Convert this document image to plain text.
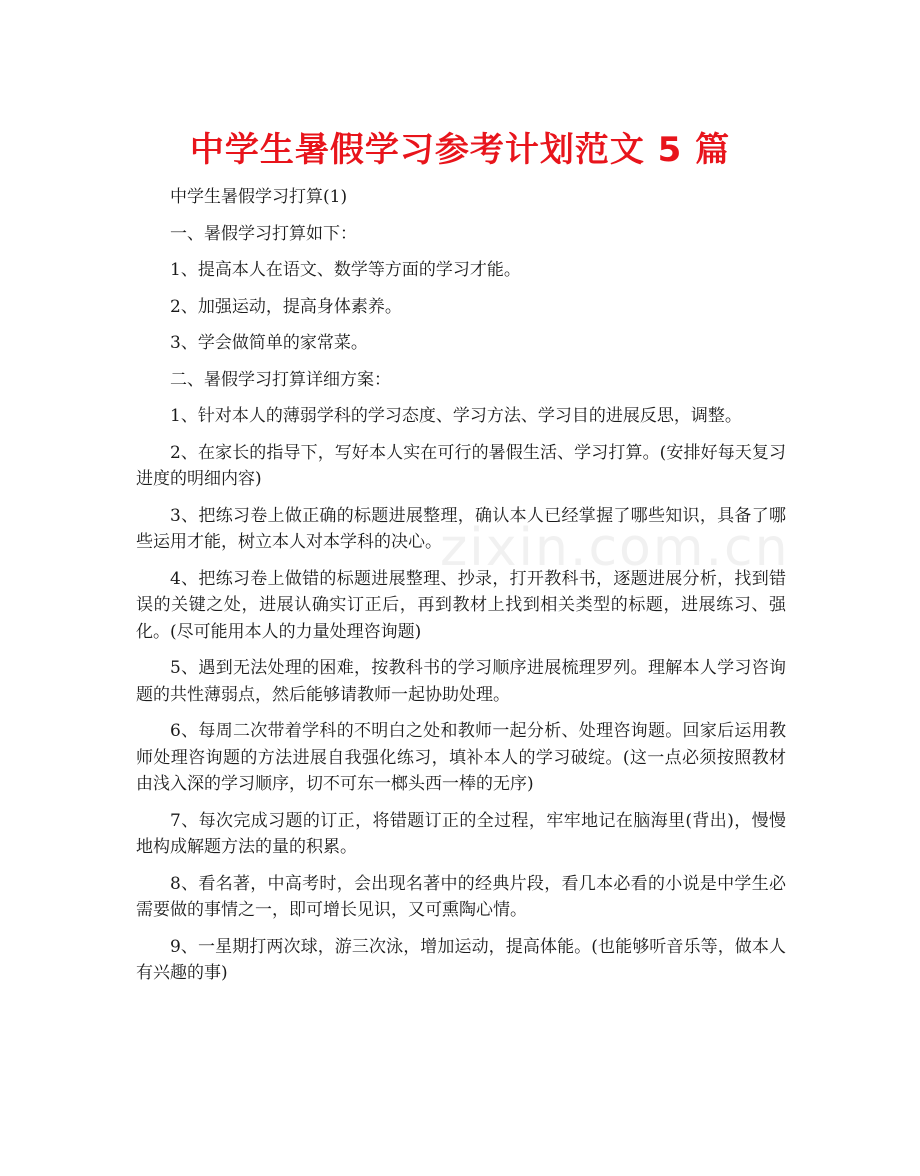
中学生暑假学习参考计划范文 5 篇
zixin.com.cn

中学生暑假学习打算(1)

一、暑假学习打算如下：

1、提高本人在语文、数学等方面的学习才能。

2、加强运动，提高身体素养。

3、学会做简单的家常菜。

二、暑假学习打算详细方案：

1、针对本人的薄弱学科的学习态度、学习方法、学习目的进展反思，调整。

2、在家长的指导下，写好本人实在可行的暑假生活、学习打算。(安排好每天复习进度的明细内容)

3、把练习卷上做正确的标题进展整理，确认本人已经掌握了哪些知识，具备了哪些运用才能，树立本人对本学科的决心。

4、把练习卷上做错的标题进展整理、抄录，打开教科书，逐题进展分析，找到错误的关键之处，进展认确实订正后，再到教材上找到相关类型的标题，进展练习、强化。(尽可能用本人的力量处理咨询题)

5、遇到无法处理的困难，按教科书的学习顺序进展梳理罗列。理解本人学习咨询题的共性薄弱点，然后能够请教师一起协助处理。

6、每周二次带着学科的不明白之处和教师一起分析、处理咨询题。回家后运用教师处理咨询题的方法进展自我强化练习，填补本人的学习破绽。(这一点必须按照教材由浅入深的学习顺序，切不可东一榔头西一棒的无序)

7、每次完成习题的订正，将错题订正的全过程，牢牢地记在脑海里(背出)，慢慢地构成解题方法的量的积累。

8、看名著，中高考时，会出现名著中的经典片段，看几本必看的小说是中学生必需要做的事情之一，即可增长见识，又可熏陶心情。

9、一星期打两次球，游三次泳，增加运动，提高体能。(也能够听音乐等，做本人有兴趣的事)
